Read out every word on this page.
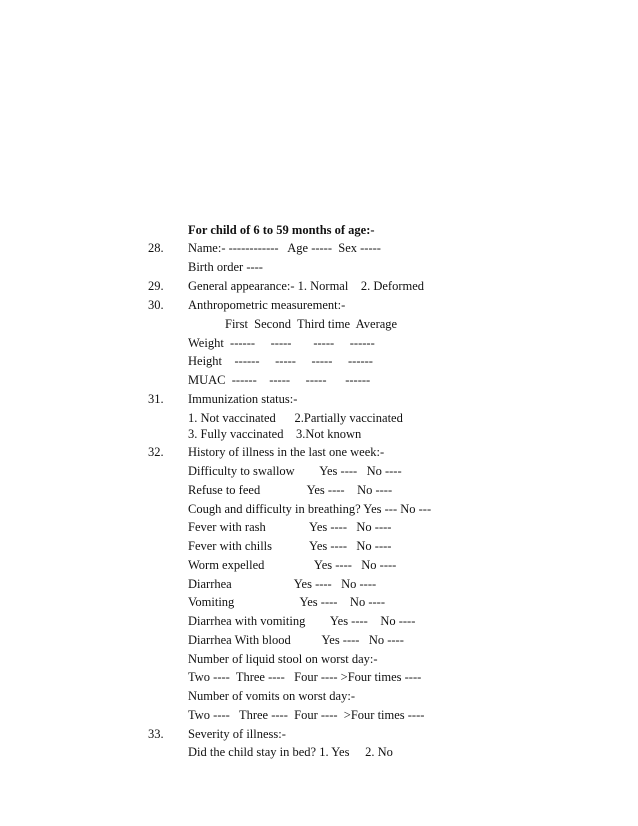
For child of 6 to 59 months of age:-
28. Name:- ------------   Age -----  Sex -----
Birth order ----
29. General appearance:- 1. Normal    2. Deformed
30. Anthropometric measurement:-
First  Second  Third time  Average
Weight  ------     -----       -----     ------
Height    ------     -----     -----     ------
MUAC  ------    -----     -----      ------
31. Immunization status:-
1. Not vaccinated      2.Partially vaccinated
3. Fully vaccinated    3.Not known
32. History of illness in the last one week:-
Difficulty to swallow        Yes ----   No ----
Refuse to feed               Yes ----    No ----
Cough and difficulty in breathing? Yes --- No ---
Fever with rash              Yes ----   No ----
Fever with chills            Yes ----   No ----
Worm expelled                Yes ----   No ----
Diarrhea                    Yes ----   No ----
Vomiting                     Yes ----    No ----
Diarrhea with vomiting        Yes ----    No ----
Diarrhea With blood          Yes ----   No ----
Number of liquid stool on worst day:-
Two ----  Three ----   Four ---- >Four times ----
Number of vomits on worst day:-
Two ----   Three ----  Four ----  >Four times ----
33. Severity of illness:-
Did the child stay in bed? 1. Yes     2. No
